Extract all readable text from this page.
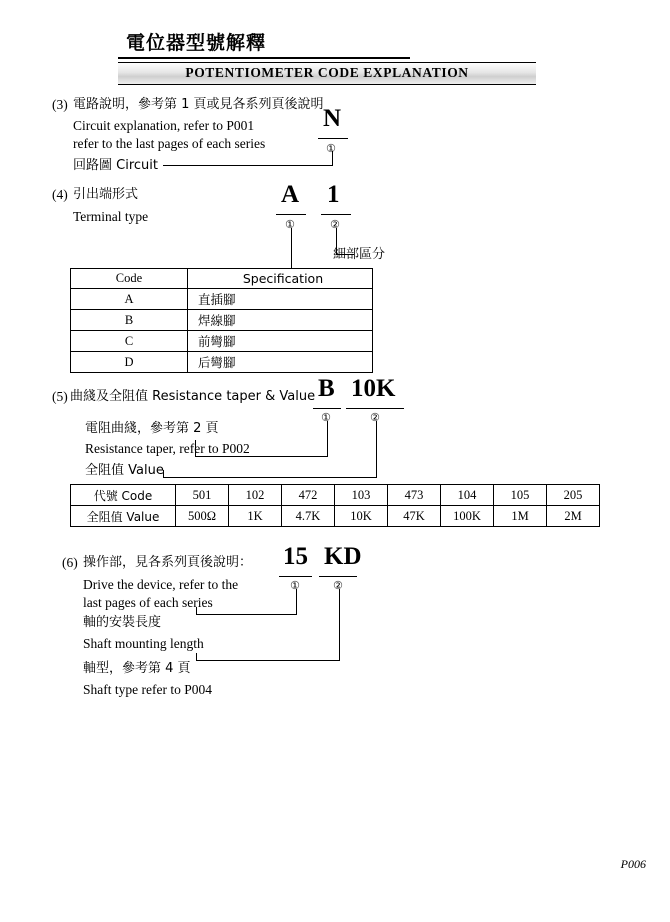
電位器型號解釋
POTENTIOMETER CODE EXPLANATION
(3) 電路說明，參考第 1 頁或見各系列頁後說明
Circuit explanation, refer to P001
refer to the last pages of each series
N
①
回路圖 Circuit
(4) 引出端形式
Terminal type
A 1
①	②
細部區分
Code	Specification
A	直插腳
B	焊線腳
C	前彎腳
D	后彎腳
(5) 曲綫及全阻值 Resistance taper & Value B 10K
①	②
電阻曲綫，參考第 2 頁
Resistance taper, refer to P002
全阻值 Value
代號 Code	501	102	472	103	473	104	105	205
全阻值 Value	500Ω	1K	4.7K	10K	47K	100K	1M	2M
(6) 操作部，見各系列頁後說明：
Drive the device, refer to the
last pages of each series
15 KD
①	②
軸的安裝長度
Shaft mounting length
軸型，參考第 4 頁
Shaft type refer to P004
P006
